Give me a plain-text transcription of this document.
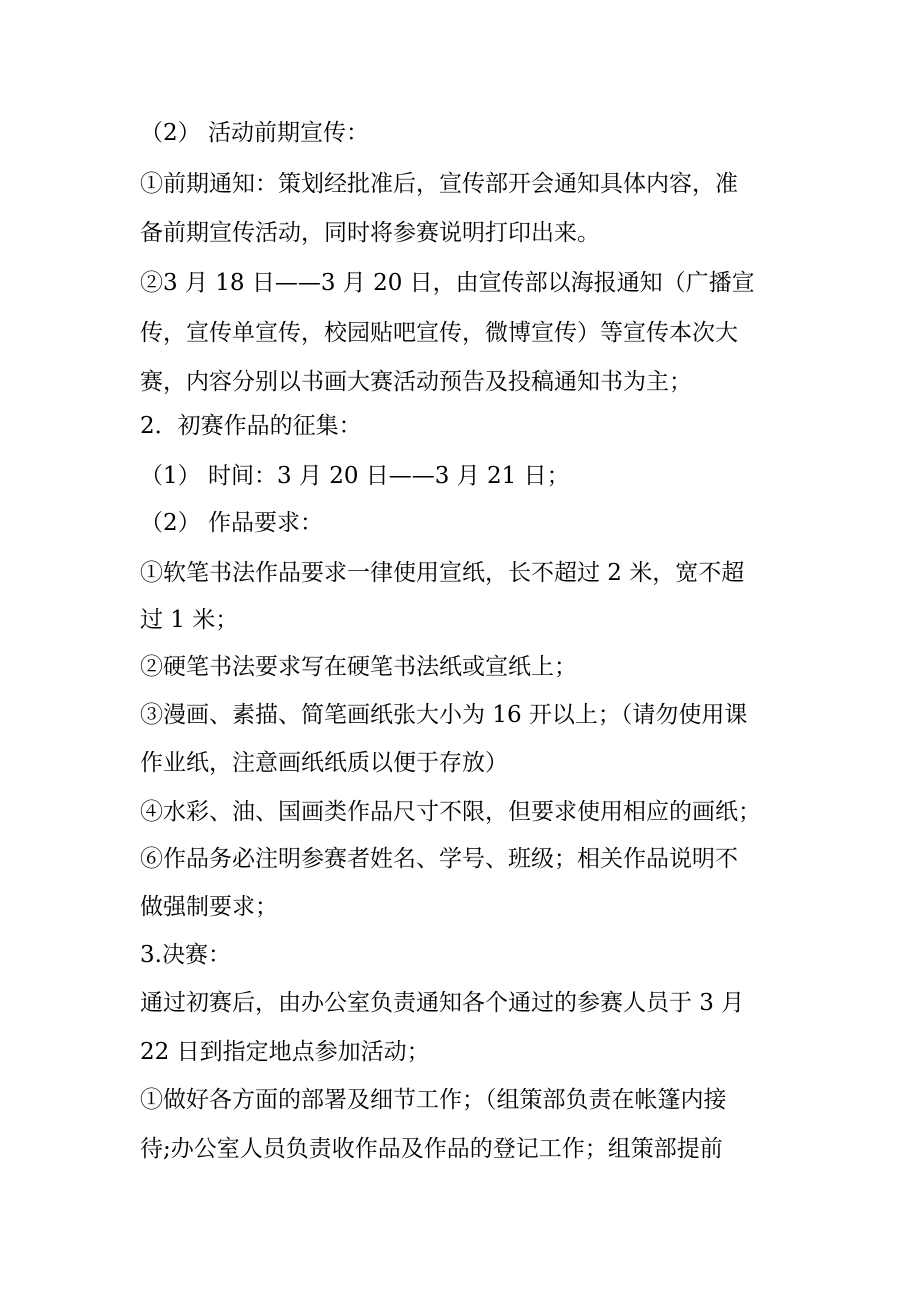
（2） 活动前期宣传：
①前期通知：策划经批准后，宣传部开会通知具体内容，准
备前期宣传活动，同时将参赛说明打印出来。
②3 月 18 日——3 月 20 日，由宣传部以海报通知（广播宣
传，宣传单宣传，校园贴吧宣传，微博宣传）等宣传本次大
赛，内容分别以书画大赛活动预告及投稿通知书为主；
2．初赛作品的征集：
（1） 时间：3 月 20 日——3 月 21 日；
（2） 作品要求：
①软笔书法作品要求一律使用宣纸，长不超过 2 米，宽不超
过 1 米；
②硬笔书法要求写在硬笔书法纸或宣纸上；
③漫画、素描、简笔画纸张大小为 16 开以上；（请勿使用课
作业纸，注意画纸纸质以便于存放）
④水彩、油、国画类作品尺寸不限，但要求使用相应的画纸；
⑥作品务必注明参赛者姓名、学号、班级；相关作品说明不
做强制要求；
3.决赛：
通过初赛后，由办公室负责通知各个通过的参赛人员于 3 月
22 日到指定地点参加活动；
①做好各方面的部署及细节工作；（组策部负责在帐篷内接
待;办公室人员负责收作品及作品的登记工作；组策部提前
